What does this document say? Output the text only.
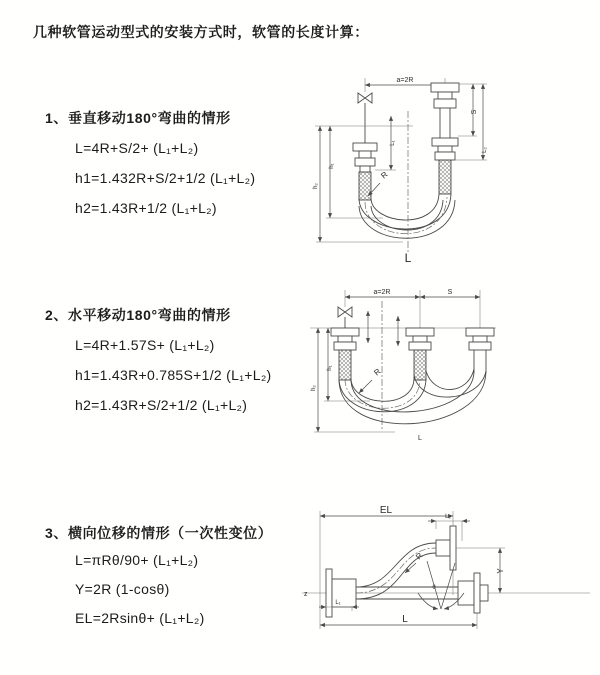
几种软管运动型式的安装方式时，软管的长度计算：
1、垂直移动180°弯曲的情形
L=4R+S/2+ (L₁+L₂)
h1=1.432R+S/2+1/2 (L₁+L₂)
h2=1.43R+1/2 (L₁+L₂)
a=2R
h₁
h₂
L₁
S
L₂
R
L
2、水平移动180°弯曲的情形
L=4R+1.57S+ (L₁+L₂)
h1=1.43R+0.785S+1/2 (L₁+L₂)
h2=1.43R+S/2+1/2 (L₁+L₂)
a=2R	S
h₁
h₂
R
L
3、横向位移的情形（一次性变位）
L=πRθ/90+ (L₁+L₂)
Y=2R (1-cosθ)
EL=2Rsinθ+ (L₁+L₂)
z
EL
L₂
Y
R
θ
L₁
L
